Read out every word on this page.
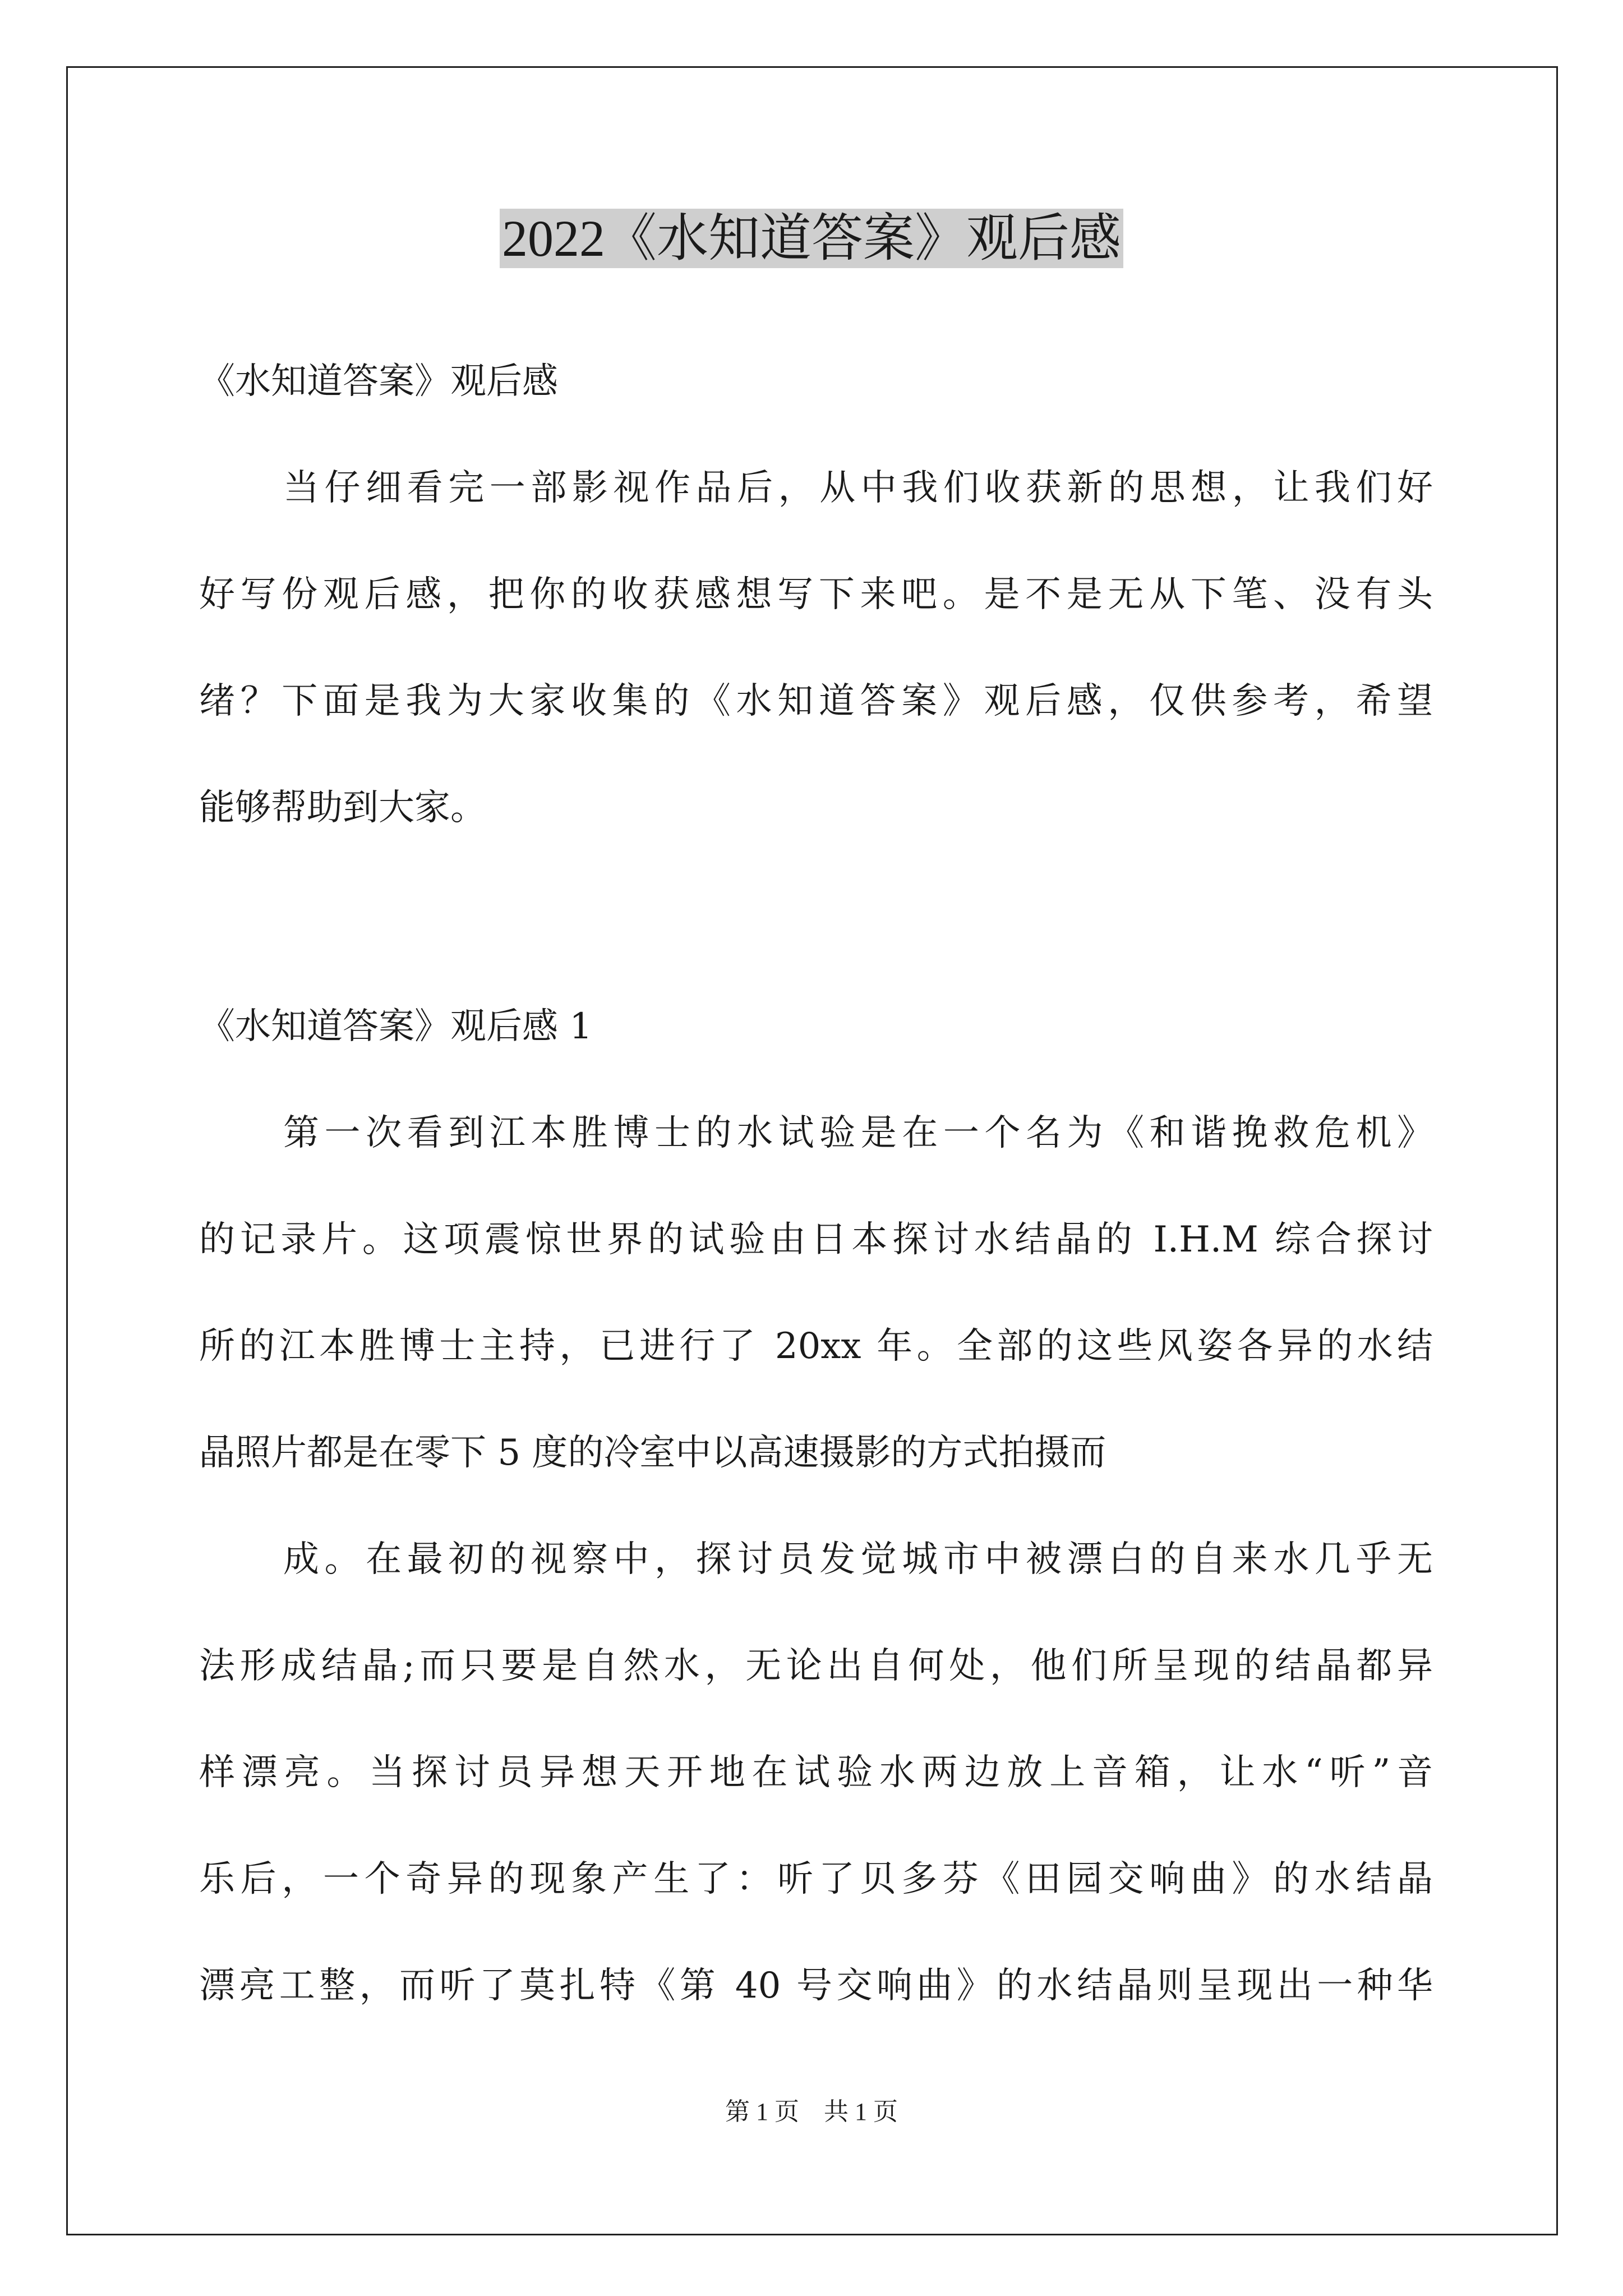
2022《水知道答案》观后感
《水知道答案》观后感
当仔细看完一部影视作品后，从中我们收获新的思想，让我们好
好写份观后感，把你的收获感想写下来吧。是不是无从下笔、没有头
绪？下面是我为大家收集的《水知道答案》观后感，仅供参考，希望
能够帮助到大家。
《水知道答案》观后感 1
第一次看到江本胜博士的水试验是在一个名为《和谐挽救危机》
的记录片。这项震惊世界的试验由日本探讨水结晶的 I.H.M 综合探讨
所的江本胜博士主持，已进行了 20xx 年。全部的这些风姿各异的水结
晶照片都是在零下 5 度的冷室中以高速摄影的方式拍摄而
成。在最初的视察中，探讨员发觉城市中被漂白的自来水几乎无
法形成结晶;而只要是自然水，无论出自何处，他们所呈现的结晶都异
样漂亮。当探讨员异想天开地在试验水两边放上音箱，让水“听”音
乐后，一个奇异的现象产生了：听了贝多芬《田园交响曲》的水结晶
漂亮工整，而听了莫扎特《第 40 号交响曲》的水结晶则呈现出一种华
第 1 页　共 1 页
